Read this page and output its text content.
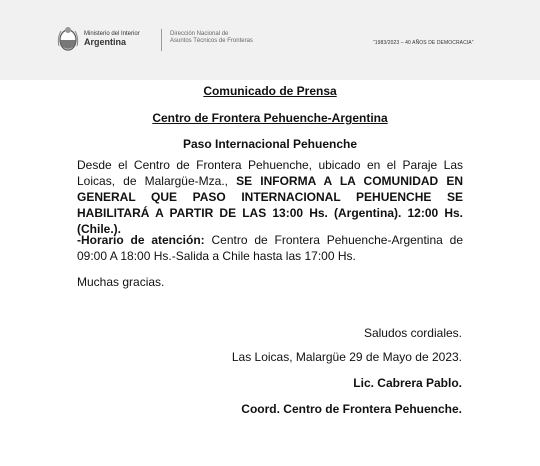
Ministerio del Interior
Argentina
Dirección Nacional de
Asuntos Técnicos de Fronteras	“1983/2023 – 40 AÑOS DE DEMOCRACIA”
Comunicado de Prensa
Centro de Frontera Pehuenche-Argentina
Paso Internacional Pehuenche
Desde el Centro de Frontera Pehuenche, ubicado en el Paraje Las Loicas, de Malargüe-Mza., SE INFORMA A LA COMUNIDAD EN GENERAL QUE PASO INTERNACIONAL PEHUENCHE SE HABILITARÁ A PARTIR DE LAS 13:00 Hs. (Argentina). 12:00 Hs. (Chile.).
-Horario de atención: Centro de Frontera Pehuenche-Argentina de 09:00 A 18:00 Hs.-Salida a Chile hasta las 17:00 Hs.
Muchas gracias.
Saludos cordiales.
Las Loicas, Malargüe 29 de Mayo de 2023.
Lic. Cabrera Pablo.
Coord. Centro de Frontera Pehuenche.
